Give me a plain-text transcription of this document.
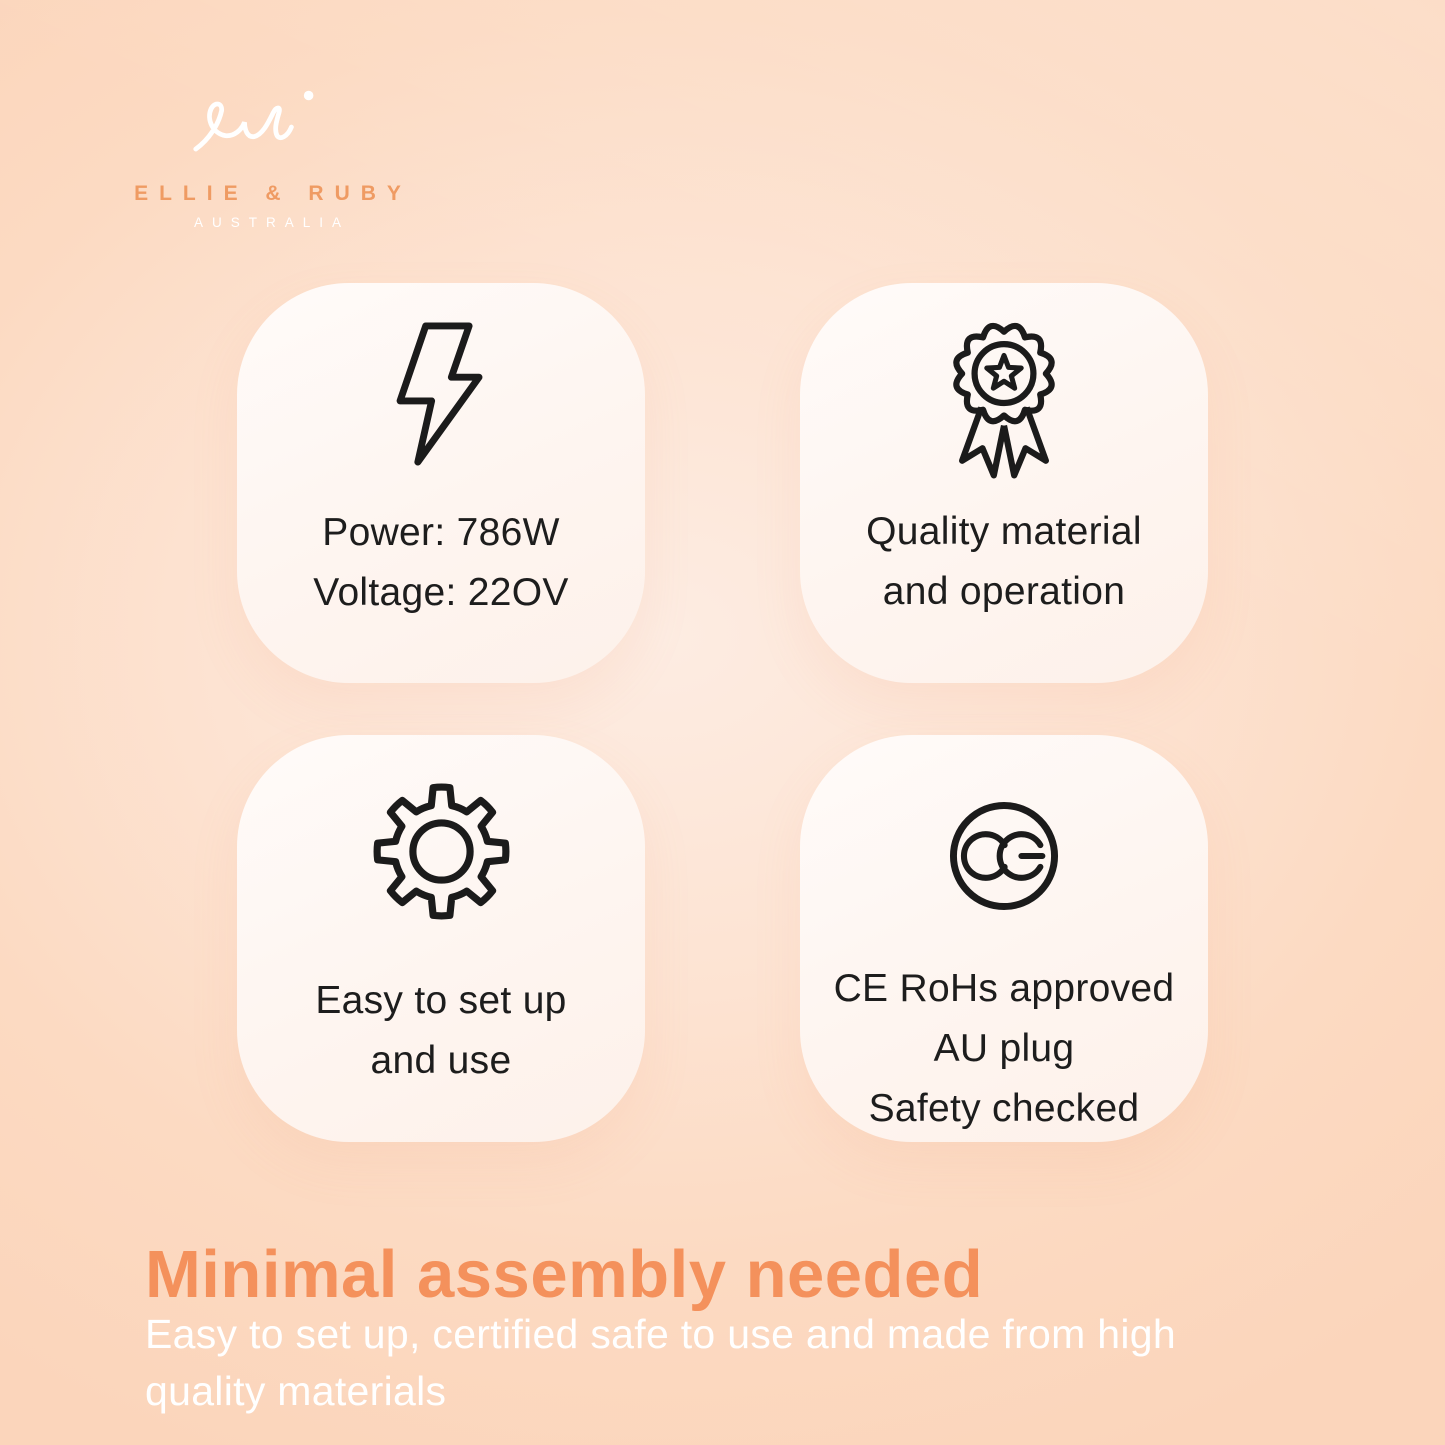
ELLIE & RUBY
AUSTRALIA
Power: 786W
Voltage: 22OV
Quality material
and operation
Easy to set up
and use
CE RoHs approved
AU plug
Safety checked
Minimal assembly needed
Easy to set up, certified safe to use and made from high
quality materials
